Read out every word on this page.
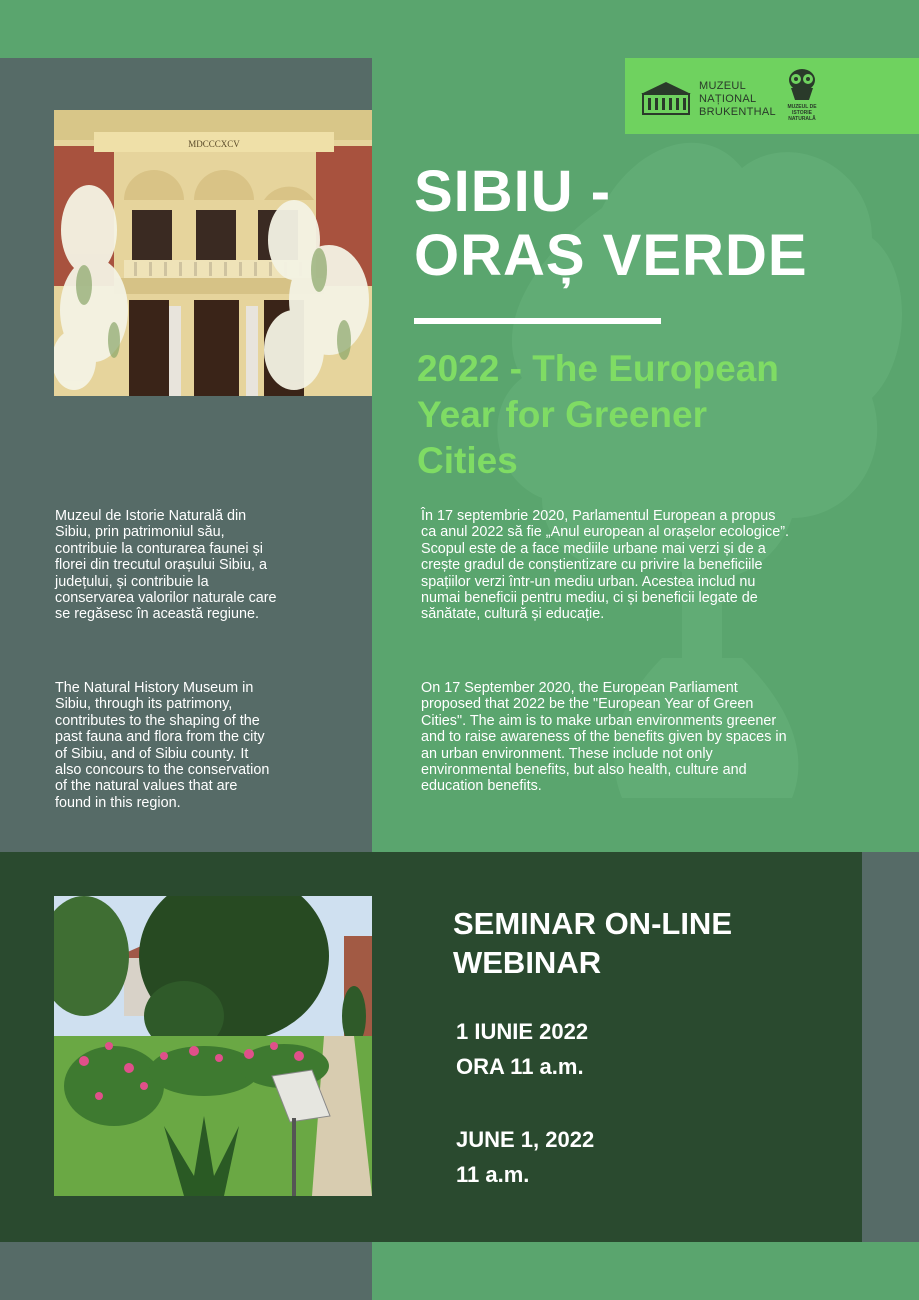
MUZEUL
NAȚIONAL
BRUKENTHAL MUZEUL DE
ISTORIE
NATURALĂ
MDCCCXCV
SIBIU -
ORAȘ VERDE
2022 - The European
Year for Greener
Cities
Muzeul de Istorie Naturală din
Sibiu, prin patrimoniul său,
contribuie la conturarea faunei și
florei din trecutul orașului Sibiu, a
județului, și contribuie la
conservarea valorilor naturale care
se regăsesc în această regiune.
The Natural History Museum in
Sibiu, through its patrimony,
contributes to the shaping of the
past fauna and flora from the city
of Sibiu, and of Sibiu county. It
also concours to the conservation
of the natural values that are
found in this region.
În 17 septembrie 2020, Parlamentul European a propus
ca anul 2022 să fie „Anul european al orașelor ecologice”.
Scopul este de a face mediile urbane mai verzi și de a
crește gradul de conștientizare cu privire la beneficiile
spațiilor verzi într-un mediu urban. Acestea includ nu
numai beneficii pentru mediu, ci și beneficii legate de
sănătate, cultură și educație.
On 17 September 2020, the European Parliament
proposed that 2022 be the "European Year of Green
Cities". The aim is to make urban environments greener
and to raise awareness of the benefits given by spaces in
an urban environment. These include not only
environmental benefits, but also health, culture and
education benefits.
SEMINAR ON-LINE
WEBINAR
1 IUNIE 2022
ORA 11 a.m.
JUNE 1, 2022
11 a.m.
